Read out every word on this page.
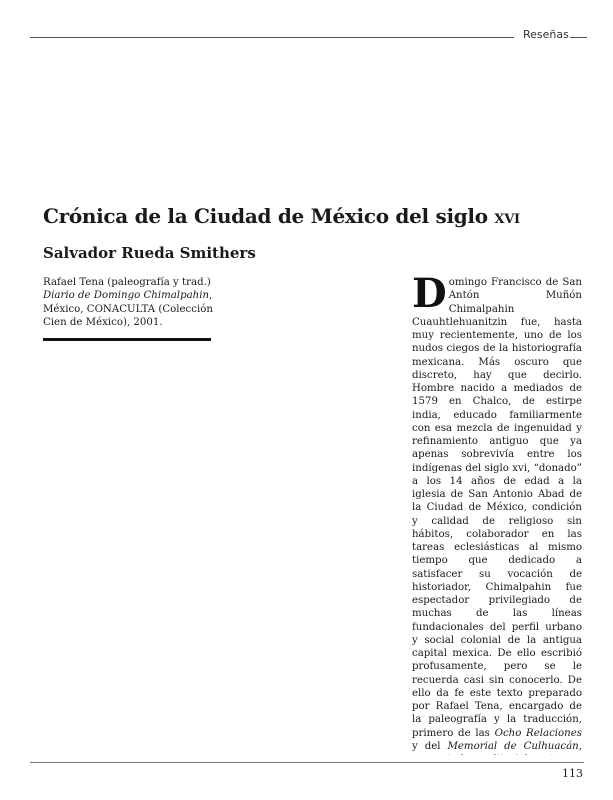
Reseñas
Crónica de la Ciudad de México del siglo xvi
Salvador Rueda Smithers

Rafael Tena (paleografía y trad.) Diario de Domingo Chimalpahin, México, CONACULTA (Colección Cien de México), 2001.

Domingo Francisco de San Antón Muñón Chimalpahin Cuauhtlehuanitzin fue, hasta muy recientemente, uno de los nudos ciegos de la historiografía mexicana. Más oscuro que discreto, hay que decirlo. Hombre nacido a mediados de 1579 en Chalco, de estirpe india, educado familiarmente con esa mezcla de ingenuidad y refinamiento antiguo que ya apenas sobrevivía entre los indígenas del siglo xvi, “donado” a los 14 años de edad a la iglesia de San Antonio Abad de la Ciudad de México, condición y calidad de religioso sin hábitos, colaborador en las tareas eclesiásticas al mismo tiempo que dedicado a satisfacer su vocación de historiador, Chimalpahin fue espectador privilegiado de muchas de las líneas fundacionales del perfil urbano y social colonial de la antigua capital mexica. De ello escribió profusamente, pero se le recuerda casi sin conocerlo. De ello da fe este texto preparado por Rafael Tena, encargado de la paleografía y la traducción, primero de las Ocho Relaciones y del Memorial de Culhuacán,

113
